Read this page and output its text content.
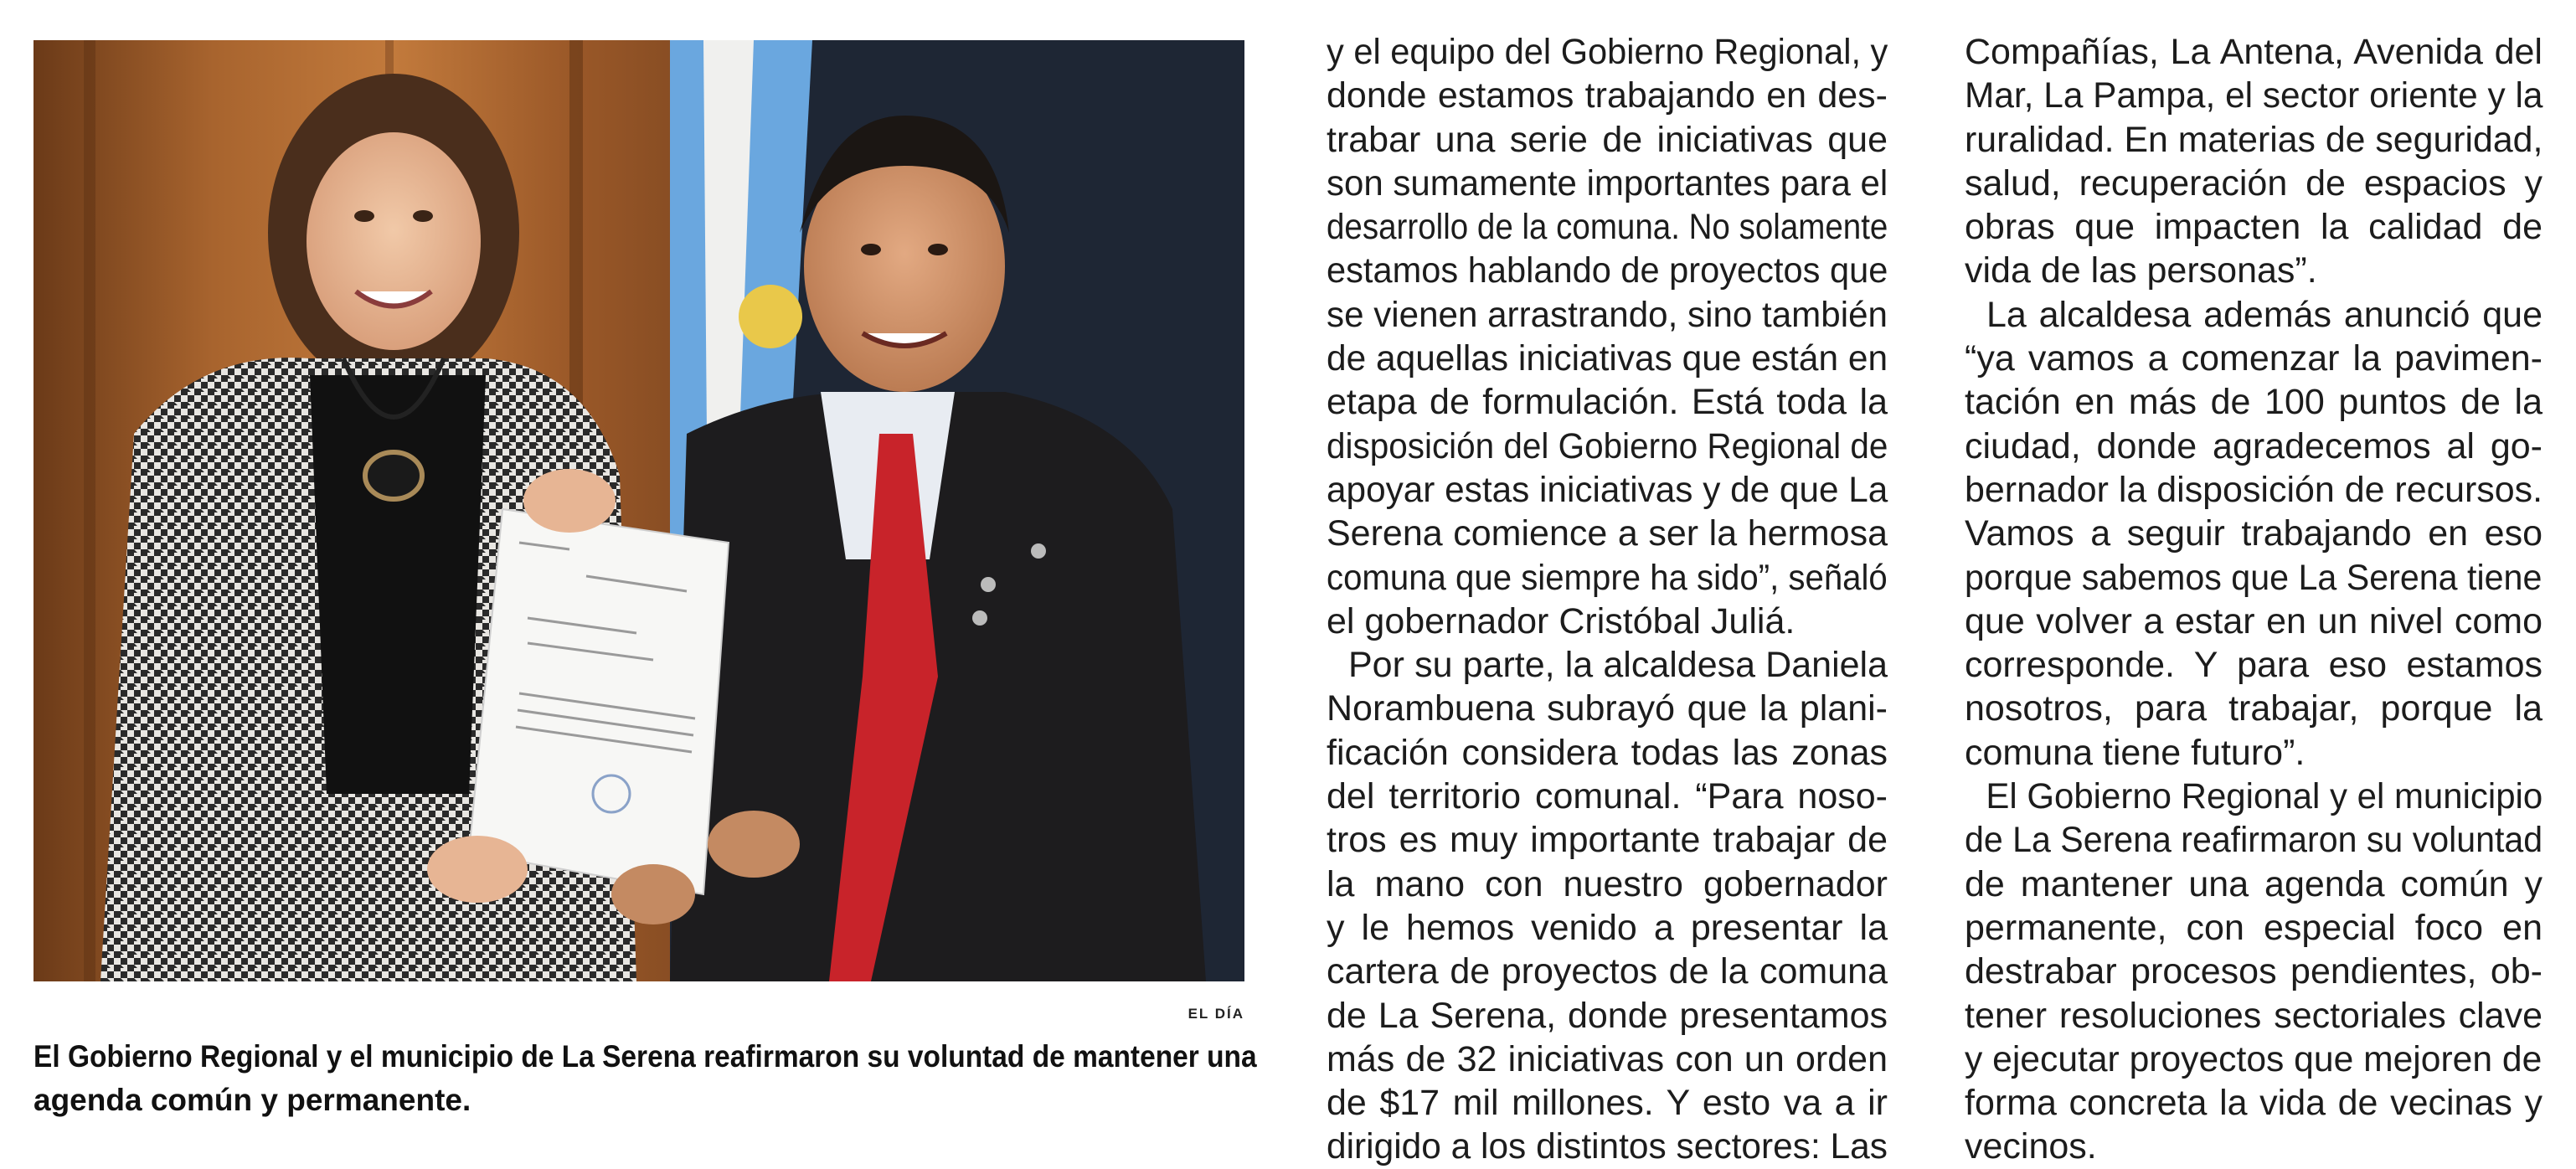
EL DÍA
El Gobierno Regional y el municipio de La Serena reafirmaron su voluntad de mantener una
agenda común y permanente.
y el equipo del Gobierno Regional, y
donde estamos trabajando en des-
trabar una serie de iniciativas que
son sumamente importantes para el
desarrollo de la comuna. No solamente
estamos hablando de proyectos que
se vienen arrastrando, sino también
de aquellas iniciativas que están en
etapa de formulación. Está toda la
disposición del Gobierno Regional de
apoyar estas iniciativas y de que La
Serena comience a ser la hermosa
comuna que siempre ha sido”, señaló
el gobernador Cristóbal Juliá.
Por su parte, la alcaldesa Daniela
Norambuena subrayó que la plani-
ficación considera todas las zonas
del territorio comunal. “Para noso-
tros es muy importante trabajar de
la mano con nuestro gobernador
y le hemos venido a presentar la
cartera de proyectos de la comuna
de La Serena, donde presentamos
más de 32 iniciativas con un orden
de $17 mil millones. Y esto va a ir
dirigido a los distintos sectores: Las
Compañías, La Antena, Avenida del
Mar, La Pampa, el sector oriente y la
ruralidad. En materias de seguridad,
salud, recuperación de espacios y
obras que impacten la calidad de
vida de las personas”.
La alcaldesa además anunció que
“ya vamos a comenzar la pavimen-
tación en más de 100 puntos de la
ciudad, donde agradecemos al go-
bernador la disposición de recursos.
Vamos a seguir trabajando en eso
porque sabemos que La Serena tiene
que volver a estar en un nivel como
corresponde. Y para eso estamos
nosotros, para trabajar, porque la
comuna tiene futuro”.
El Gobierno Regional y el municipio
de La Serena reafirmaron su voluntad
de mantener una agenda común y
permanente, con especial foco en
destrabar procesos pendientes, ob-
tener resoluciones sectoriales clave
y ejecutar proyectos que mejoren de
forma concreta la vida de vecinas y
vecinos.
